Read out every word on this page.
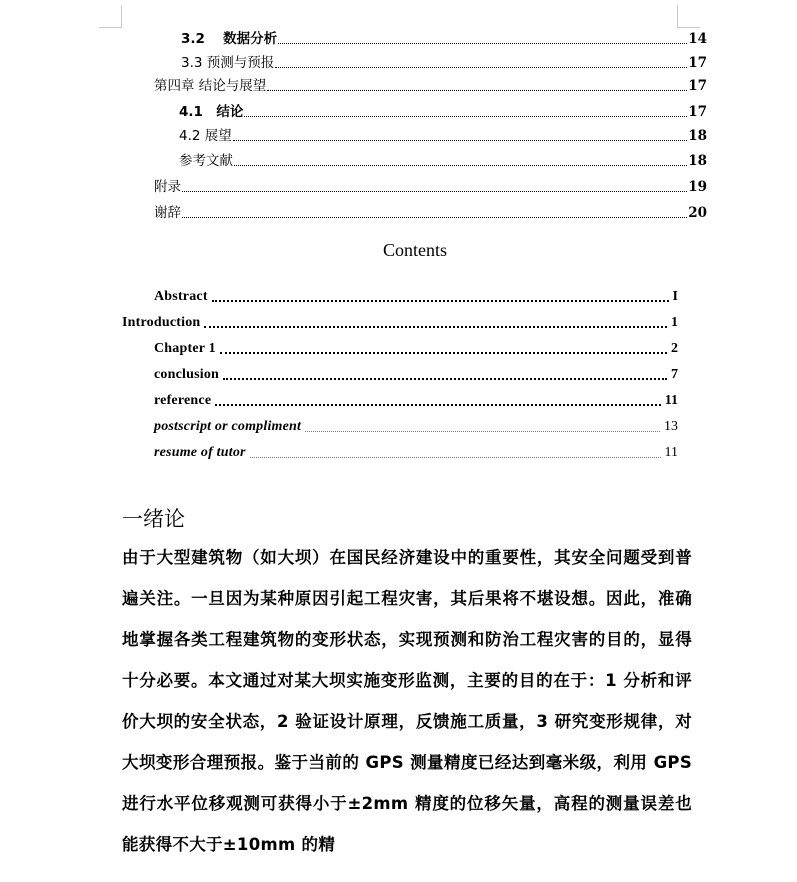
3.2　 数据分析	14
3.3 预测与预报	17
第四章 结论与展望	17
4.1　结论	17
4.2 展望	18
参考文献	18
附录	19
谢辞	20
Contents
Abstract	I
Introduction	1
Chapter 1	2
conclusion	7
reference	11
postscript or compliment	13
resume of tutor	11
一绪论
由于大型建筑物（如大坝）在国民经济建设中的重要性，其安全问题受到普遍关注。一旦因为某种原因引起工程灾害，其后果将不堪设想。因此，准确地掌握各类工程建筑物的变形状态，实现预测和防治工程灾害的目的，显得十分必要。本文通过对某大坝实施变形监测，主要的目的在于：1 分析和评价大坝的安全状态，2 验证设计原理，反馈施工质量，3 研究变形规律，对大坝变形合理预报。鉴于当前的 GPS 测量精度已经达到毫米级，利用 GPS 进行水平位移观测可获得小于±2mm 精度的位移矢量，高程的测量误差也能获得不大于±10mm 的精
